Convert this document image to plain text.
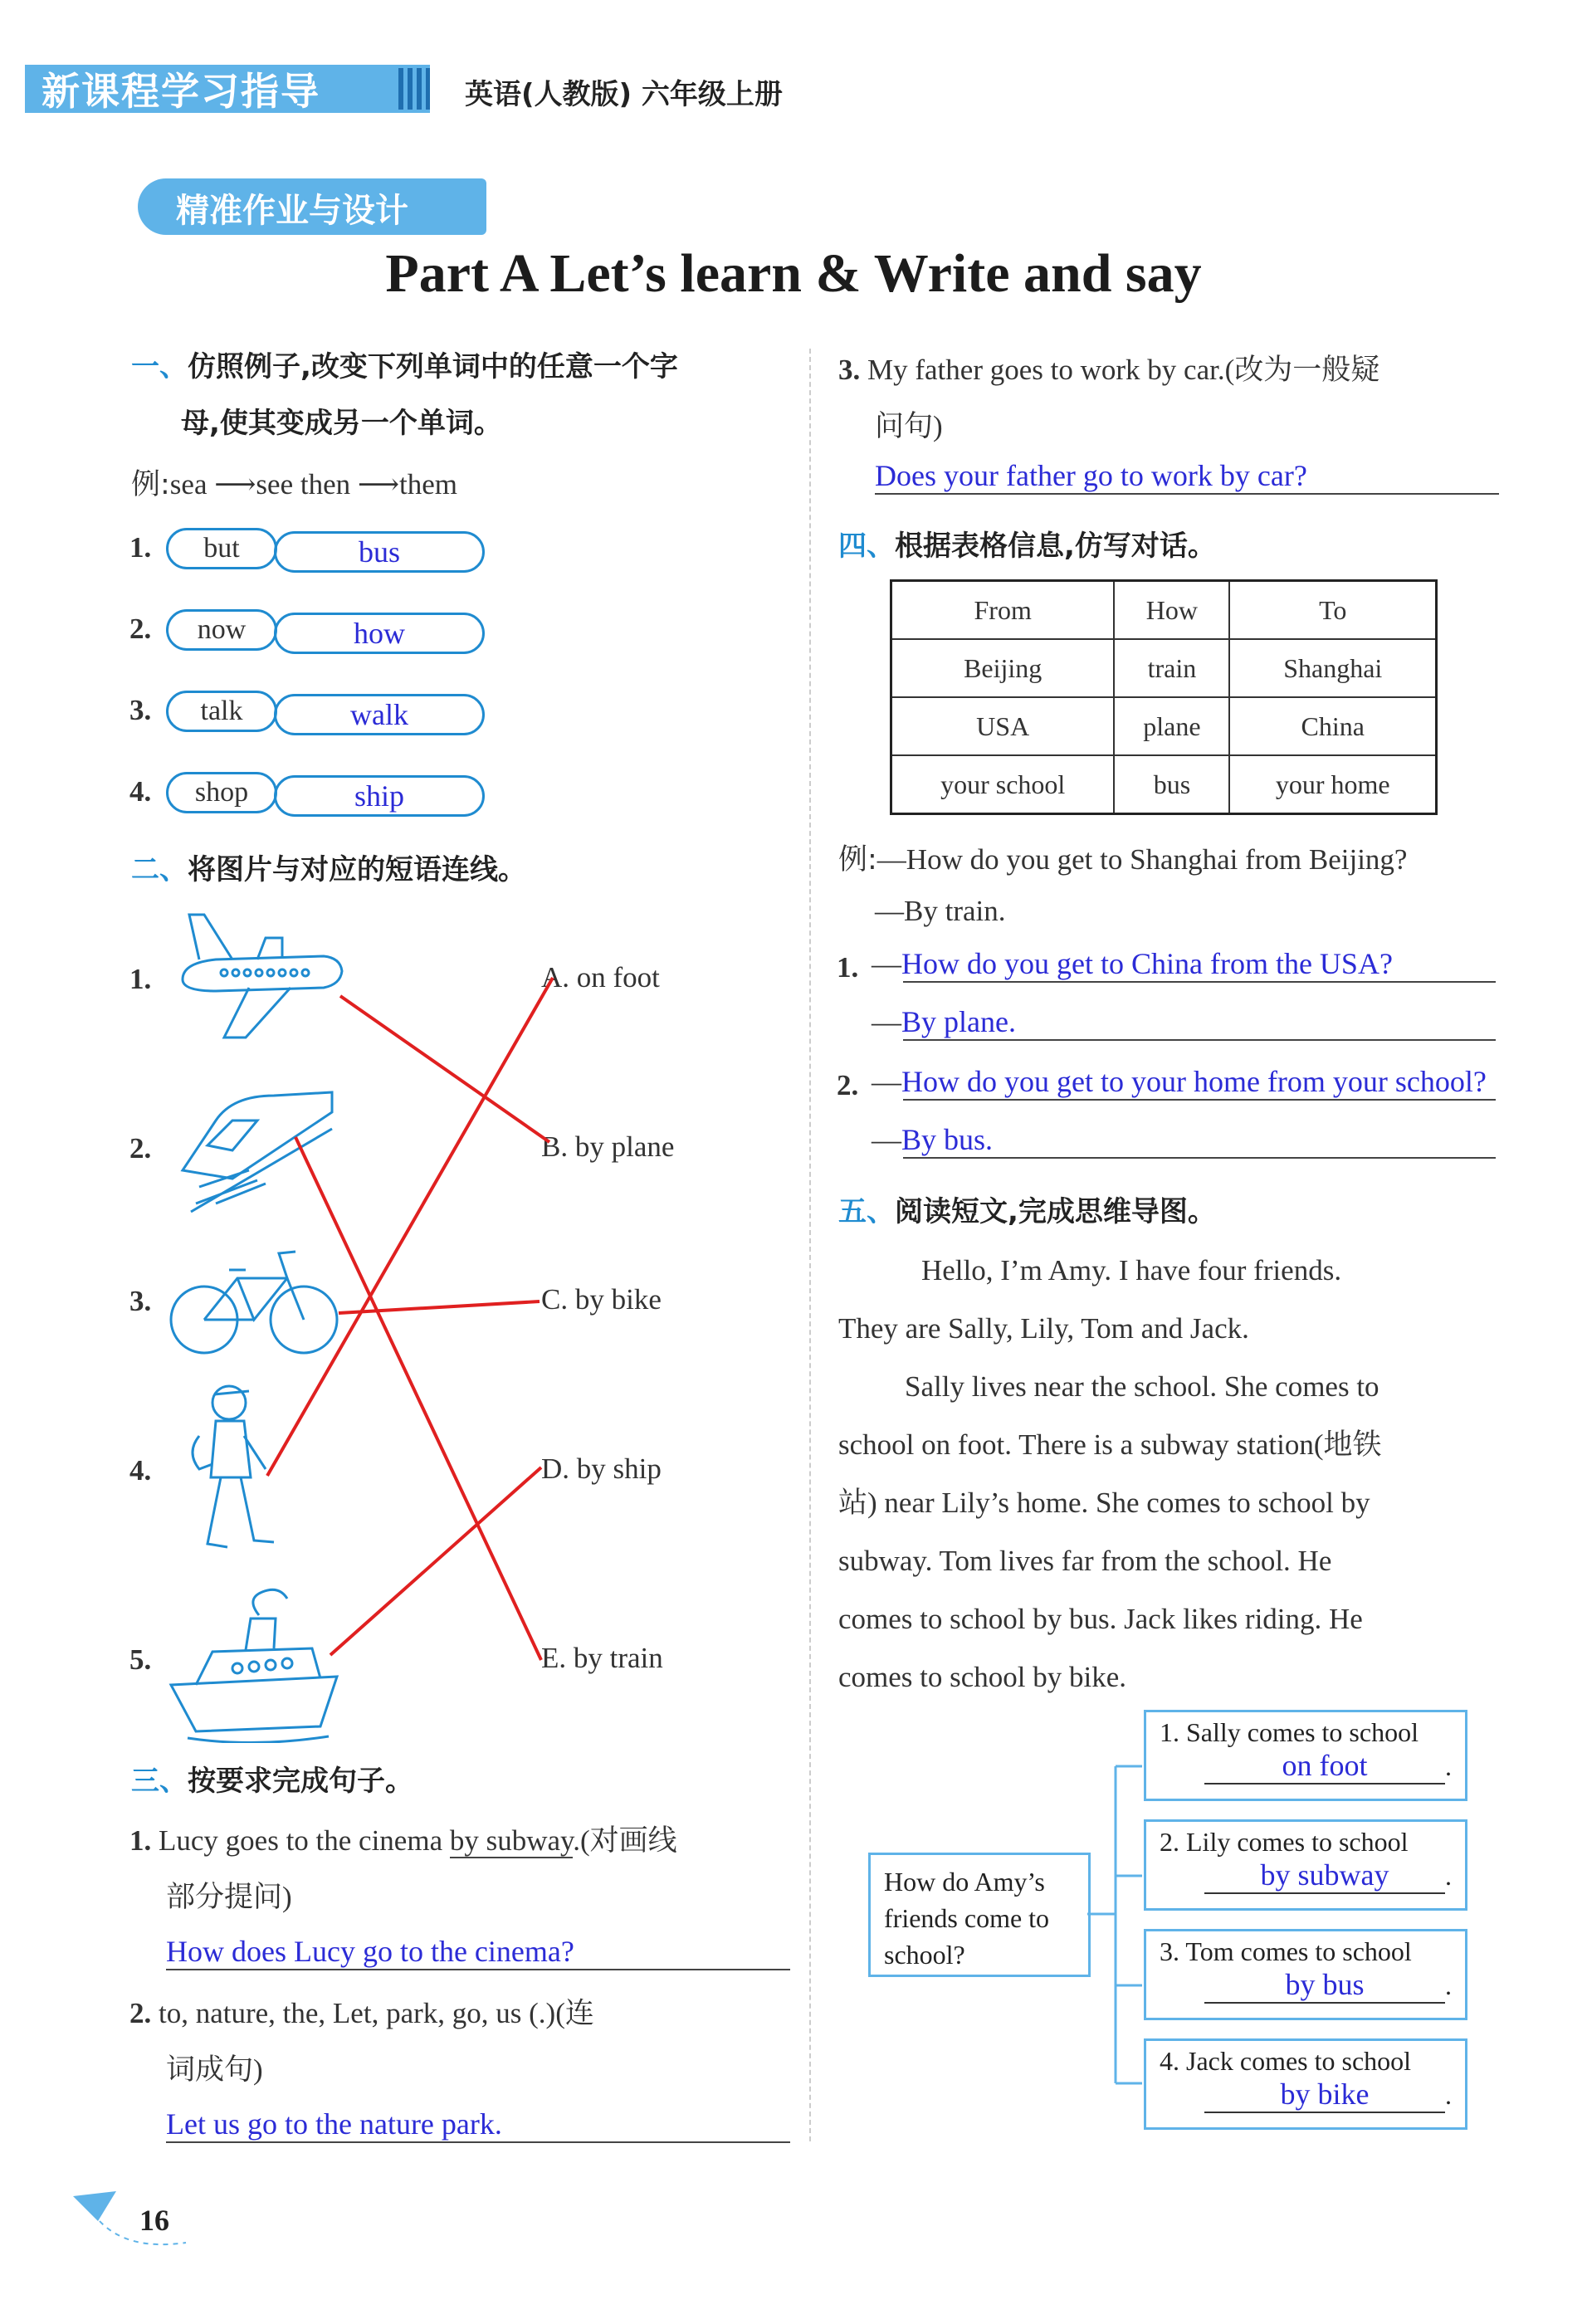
新课程学习指导	英语(人教版) 六年级上册
精准作业与设计
Part A Let’s learn & Write and say
一、仿照例子,改变下列单词中的任意一个字
母,使其变成另一个单词。
例:sea ⟶see then ⟶them
1.	but	bus
2.	now	how
3.	talk	walk
4.	shop	ship
二、将图片与对应的短语连线。
1.
2.
3.
4.
5.
A. on foot
B. by plane
C. by bike
D. by ship
E. by train
三、按要求完成句子。
1. Lucy goes to the cinema by subway.(对画线
部分提问)
How does Lucy go to the cinema?
2. to, nature, the, Let, park, go, us (.)(连
词成句)
Let us go to the nature park.
3. My father goes to work by car.(改为一般疑
问句)
Does your father go to work by car?
四、根据表格信息,仿写对话。
From	How	To
Beijing	train	Shanghai
USA	plane	China
your school	bus	your home
例:—How do you get to Shanghai from Beijing?
—By train.
1. —How do you get to China from the USA?
—By plane.
2. —How do you get to your home from your school?
—By bus.
五、阅读短文,完成思维导图。
Hello, I’m Amy. I have four friends.
They are Sally, Lily, Tom and Jack.
Sally lives near the school. She comes to
school on foot. There is a subway station(地铁
站) near Lily’s home. She comes to school by
subway. Tom lives far from the school. He
comes to school by bus. Jack likes riding. He
comes to school by bike.
How do Amy’s friends come to school?
1. Sally comes to school
on foot	.
2. Lily comes to school
by subway .
3. Tom comes to school
by bus	.
4. Jack comes to school
by bike	.
16
